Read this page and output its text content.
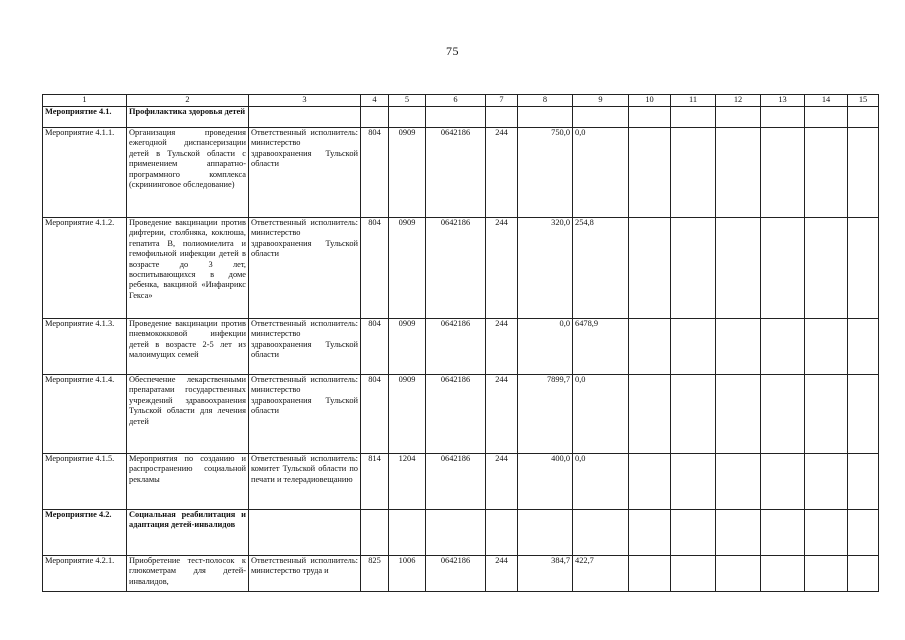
75
1	2	3	4	5	6	7	8	9	10	11	12	13	14	15
Мероприятие 4.1.	Профилактика здоровья детей													
Мероприятие 4.1.1.	Организация проведения ежегодной диспансеризации детей в Тульской области с применением аппаратно-программного комплекса (скрининговое обследование)	Ответственный исполнитель: министерство здравоохранения Тульской области	804	0909	0642186	244	750,0	0,0						
Мероприятие 4.1.2.	Проведение вакцинации против дифтерии, столбняка, коклюша, гепатита В, полиомиелита и гемофильной инфекции детей в возрасте до 3 лет, воспитывающихся в доме ребенка, вакциной «Инфанрикс Гекса»	Ответственный исполнитель: министерство здравоохранения Тульской области	804	0909	0642186	244	320,0	254,8						
Мероприятие 4.1.3.	Проведение вакцинации против пневмококковой инфекции детей в возрасте 2-5 лет из малоимущих семей	Ответственный исполнитель: министерство здравоохранения Тульской области	804	0909	0642186	244	0,0	6478,9						
Мероприятие 4.1.4.	Обеспечение лекарственными препаратами государственных учреждений здравоохранения Тульской области для лечения детей	Ответственный исполнитель: министерство здравоохранения Тульской области	804	0909	0642186	244	7899,7	0,0						
Мероприятие 4.1.5.	Мероприятия по созданию и распространению социальной рекламы	Ответственный исполнитель: комитет Тульской области по печати и телерадиовещанию	814	1204	0642186	244	400,0	0,0						
Мероприятие 4.2.	Социальная реабилитация и адаптация детей-инвалидов													
Мероприятие 4.2.1.	Приобретение тест-полосок к глюкометрам для детей-инвалидов,	Ответственный исполнитель: министерство труда и	825	1006	0642186	244	384,7	422,7						
